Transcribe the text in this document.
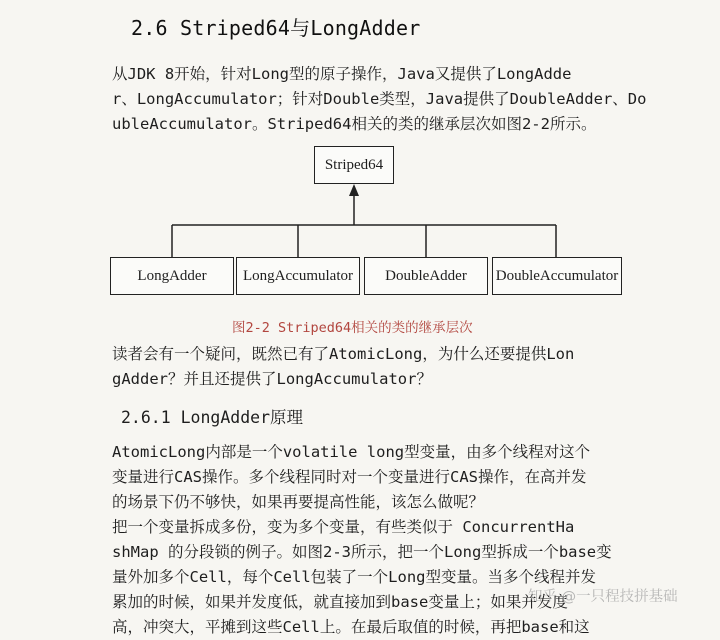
2.6 Striped64与LongAdder
从JDK 8开始，针对Long型的原子操作，Java又提供了LongAdde
r、LongAccumulator；针对Double类型，Java提供了DoubleAdder、Do
ubleAccumulator。Striped64相关的类的继承层次如图2-2所示。
Striped64
LongAdder	LongAccumulator	DoubleAdder	DoubleAccumulator
图2-2 Striped64相关的类的继承层次
读者会有一个疑问，既然已有了AtomicLong，为什么还要提供Lon
gAdder？并且还提供了LongAccumulator？
2.6.1 LongAdder原理
AtomicLong内部是一个volatile long型变量，由多个线程对这个
变量进行CAS操作。多个线程同时对一个变量进行CAS操作，在高并发
的场景下仍不够快，如果再要提高性能，该怎么做呢？
把一个变量拆成多份，变为多个变量，有些类似于 ConcurrentHa
shMap 的分段锁的例子。如图2-3所示，把一个Long型拆成一个base变
量外加多个Cell，每个Cell包装了一个Long型变量。当多个线程并发
累加的时候，如果并发度低，就直接加到base变量上；如果并发度
高，冲突大，平摊到这些Cell上。在最后取值的时候，再把base和这
知乎 @一只程技拼基础
